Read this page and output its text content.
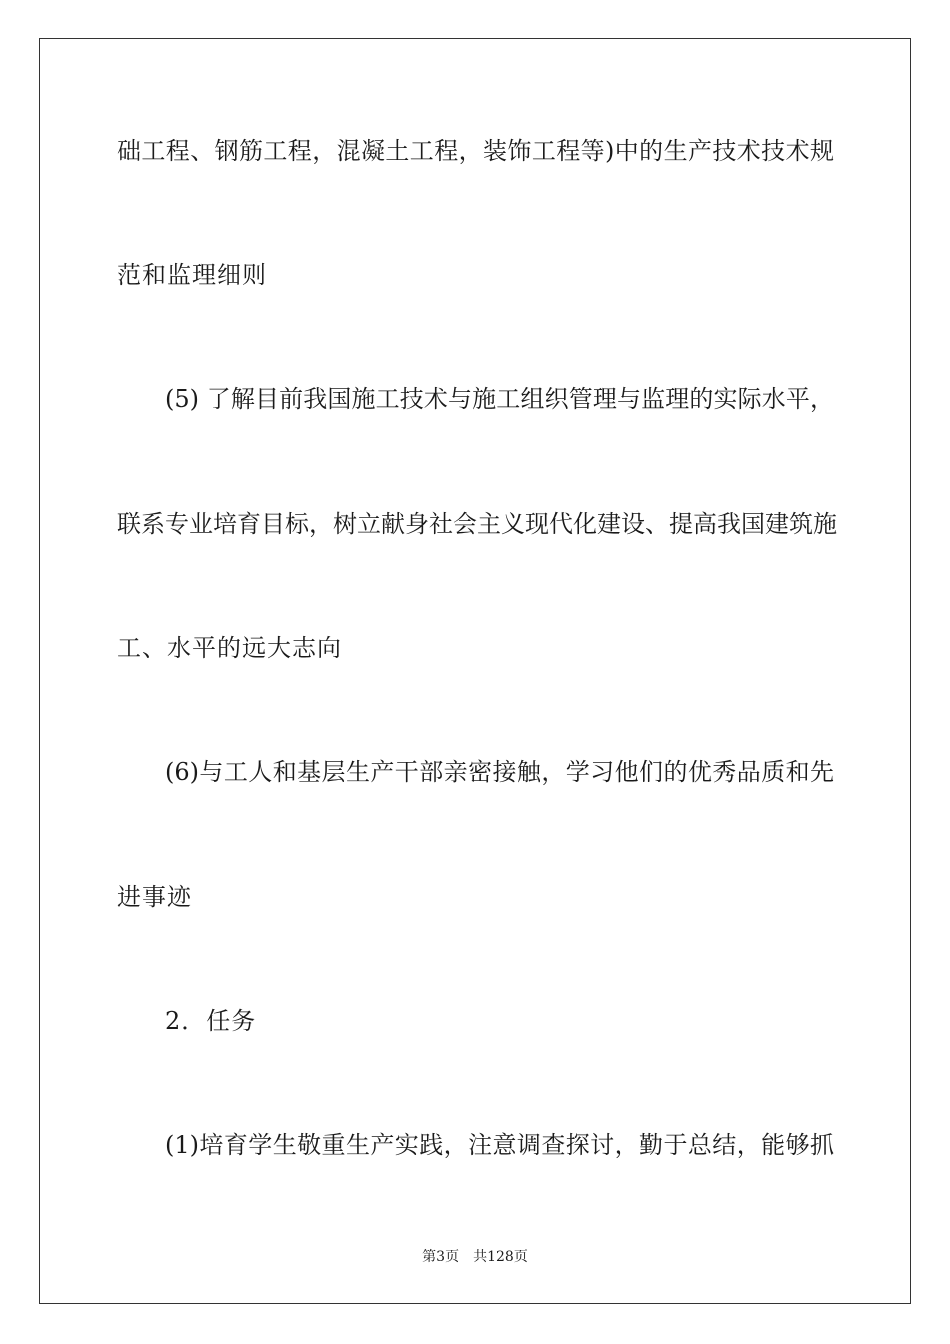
础工程、钢筋工程，混凝土工程，装饰工程等)中的生产技术技术规
范和监理细则
(5) 了解目前我国施工技术与施工组织管理与监理的实际水平，
联系专业培育目标，树立献身社会主义现代化建设、提高我国建筑施
工、水平的远大志向
(6)与工人和基层生产干部亲密接触，学习他们的优秀品质和先
进事迹
2．任务
(1)培育学生敬重生产实践，注意调查探讨，勤于总结，能够抓
第3页 共128页
